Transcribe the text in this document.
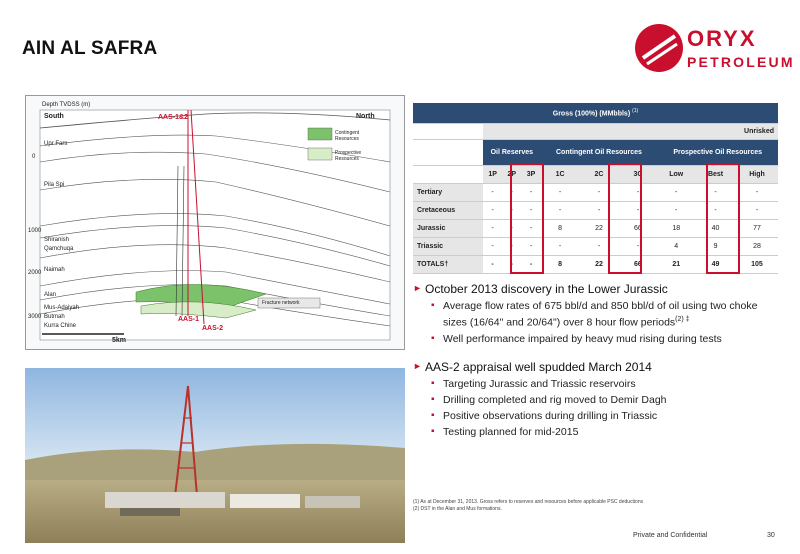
AIN AL SAFRA	ORYX
PETROLEUM
Depth TVDSS (m)
South	North
AAS-1&2
0
1000
2000
3000
Upr Fars
Pila Spi
Shiranish
Qamchuqa
Naimah
Alan
Mus-Adaiyah
Butmah
Kurra Chine
Contingent Resources
Prospective Resources
Fracture network
AAS-1
AAS-2
5km
Gross (100%) (MMbbls) $^{(1)}$
	Unrisked								
	Oil Reserves			Contingent Oil Resources			Prospective Oil Resources		
	1P	2P	3P	1C	2C	3C	Low	Best	High
Tertiary	-	-	-	-	-	-	-	-	-
Cretaceous	-	-	-	-	-	-	-	-	-
Jurassic	-	-	-	8	22	66	18	40	77
Triassic	-	-	-	-	-	-	4	9	28
TOTALS†	-	-	-	8	22	66	21	49	105
► October 2013 discovery in the Lower Jurassic
▪ Average flow rates of 675 bbl/d and 850 bbl/d of oil using two choke sizes (16/64" and 20/64") over 8 hour flow periods$^{(2) \ddagger}$
▪ Well performance impaired by heavy mud rising during tests
► AAS-2 appraisal well spudded March 2014
▪ Targeting Jurassic and Triassic reservoirs
▪ Drilling completed and rig moved to Demir Dagh
▪ Positive observations during drilling in Triassic
▪ Testing planned for mid-2015
(1) As at December 31, 2013. Gross refers to reserves and resources before applicable PSC deductions
(2) DST in the Alan and Mus formations.
Private and Confidential	30
